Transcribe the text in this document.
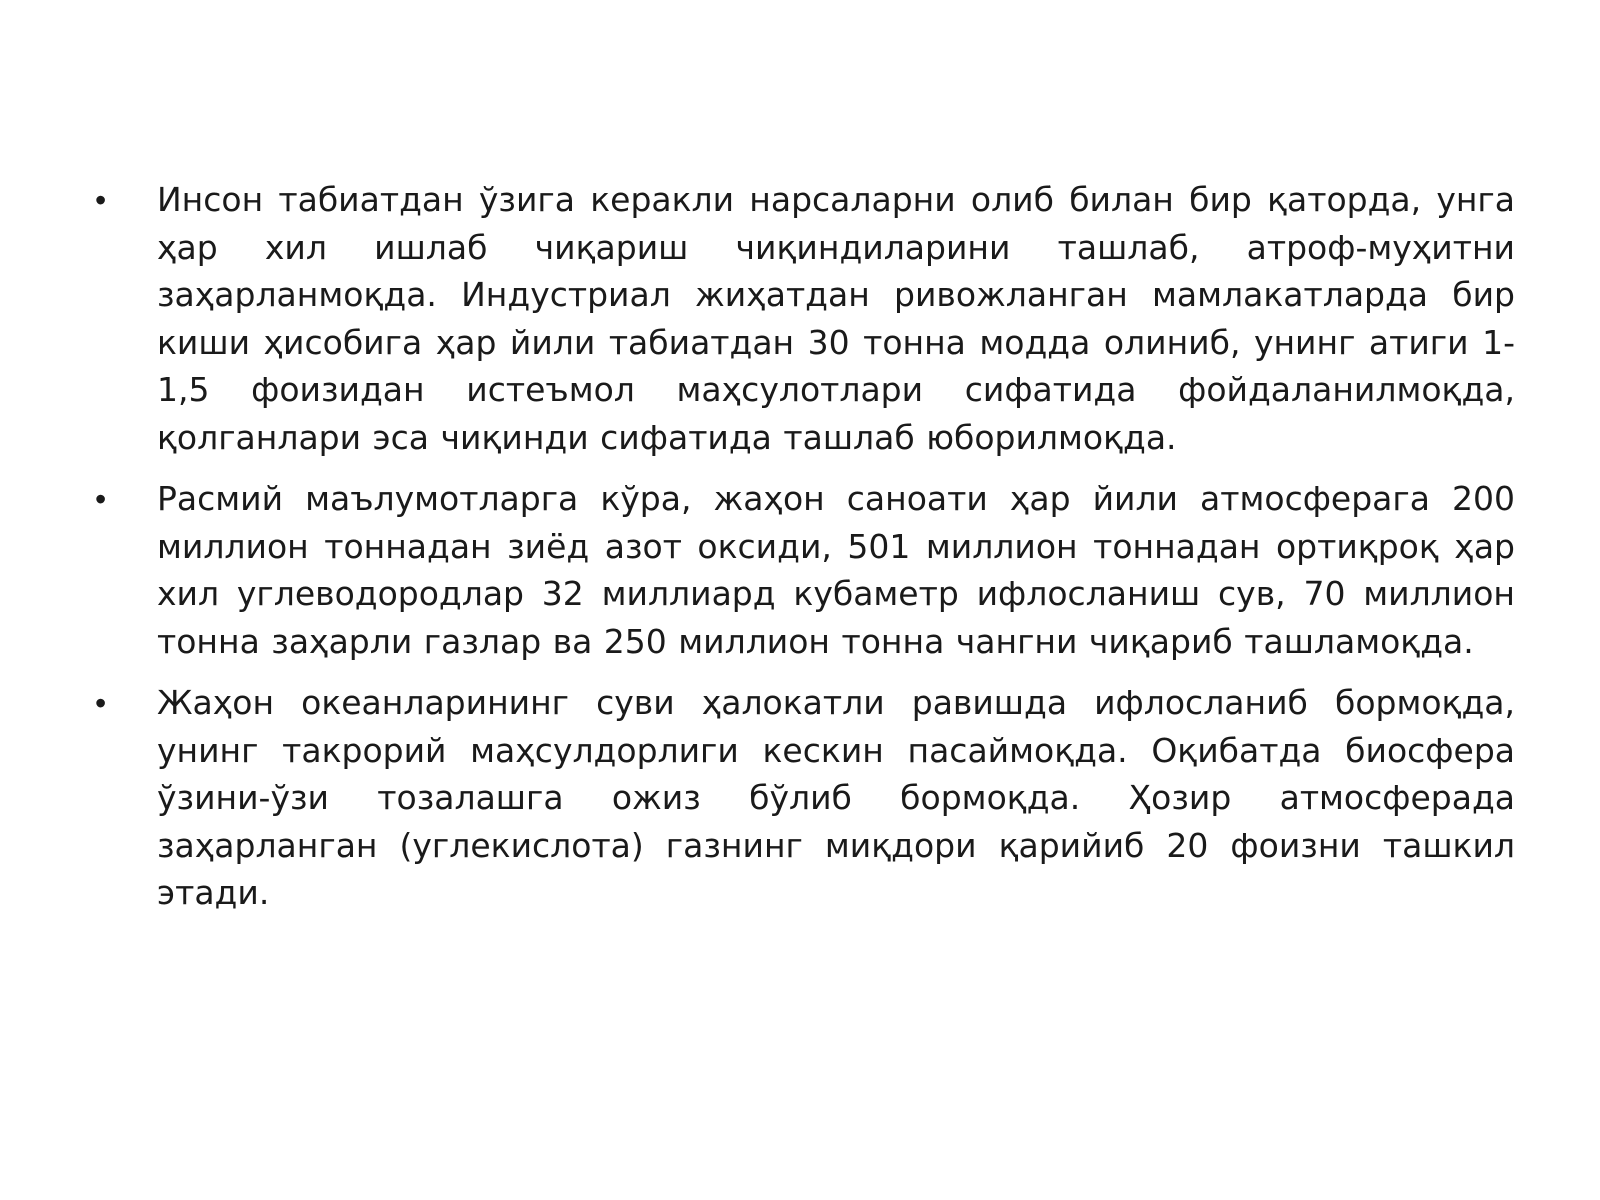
• Инсон табиатдан ўзига керакли нарсаларни олиб билан бир қаторда, унга ҳар хил ишлаб чиқариш чиқиндиларини ташлаб, атроф-муҳитни заҳарланмоқда. Индустриал жиҳатдан ривожланган мамлакатларда бир киши ҳисобига ҳар йили табиатдан 30 тонна модда олиниб, унинг атиги 1-1,5 фоизидан истеъмол маҳсулотлари сифатида фойдаланилмоқда, қолганлари эса чиқинди сифатида ташлаб юборилмоқда.
• Расмий маълумотларга кўра, жаҳон саноати ҳар йили атмосферага 200 миллион тоннадан зиёд азот оксиди, 501 миллион тоннадан ортиқроқ ҳар хил углеводородлар 32 миллиард кубаметр ифлосланиш сув, 70 миллион тонна заҳарли газлар ва 250 миллион тонна чангни чиқариб ташламоқда.
• Жаҳон океанларининг суви ҳалокатли равишда ифлосланиб бормоқда, унинг такрорий маҳсулдорлиги кескин пасаймоқда. Оқибатда биосфера ўзини-ўзи тозалашга ожиз бўлиб бормоқда. Ҳозир атмосферада заҳарланган (углекислота) газнинг миқдори қарийиб 20 фоизни ташкил этади.
